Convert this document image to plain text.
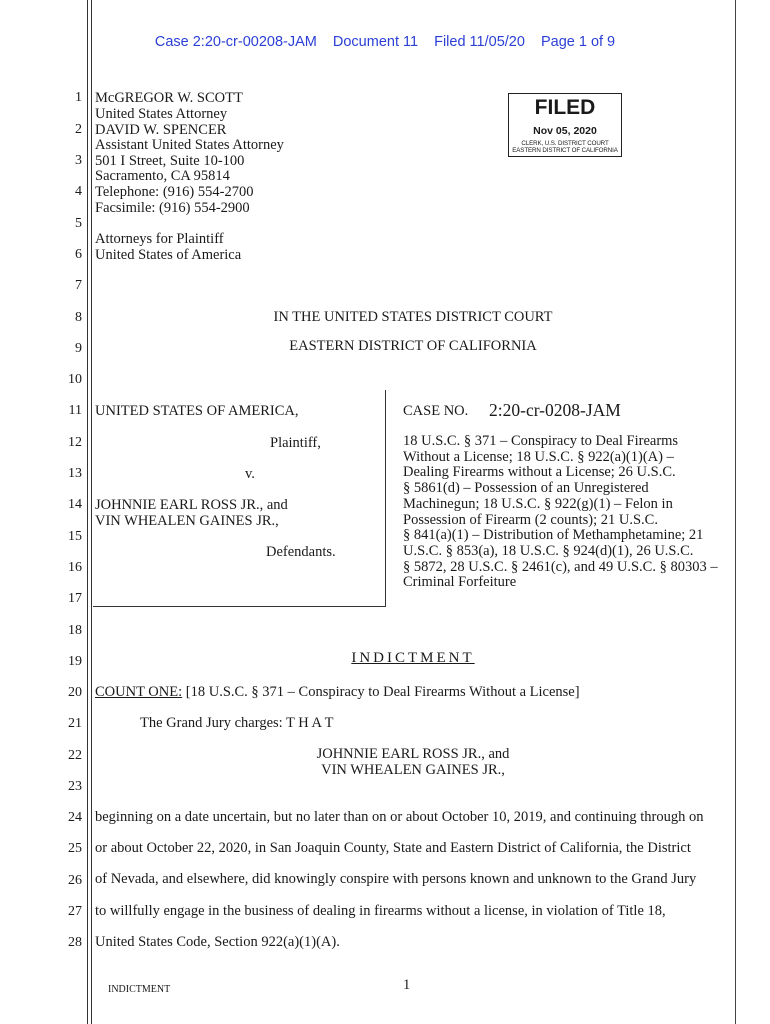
Case 2:20-cr-00208-JAM Document 11 Filed 11/05/20 Page 1 of 9
1
2
3
4
5
6
7
8
9
10
11
12
13
14
15
16
17
18
19
20
21
22
23
24
25
26
27
28
McGREGOR W. SCOTT
United States Attorney
DAVID W. SPENCER
Assistant United States Attorney
501 I Street, Suite 10-100
Sacramento, CA 95814
Telephone: (916) 554-2700
Facsimile: (916) 554-2900
Attorneys for Plaintiff
United States of America
FILED
Nov 05, 2020
CLERK, U.S. DISTRICT COURT
EASTERN DISTRICT OF CALIFORNIA
IN THE UNITED STATES DISTRICT COURT
EASTERN DISTRICT OF CALIFORNIA
UNITED STATES OF AMERICA,
Plaintiff,
v.
JOHNNIE EARL ROSS JR., and
VIN WHEALEN GAINES JR.,
Defendants.
CASE NO. 2:20-cr-0208-JAM
18 U.S.C. § 371 – Conspiracy to Deal Firearms
Without a License; 18 U.S.C. § 922(a)(1)(A) –
Dealing Firearms without a License; 26 U.S.C.
§ 5861(d) – Possession of an Unregistered
Machinegun; 18 U.S.C. § 922(g)(1) – Felon in
Possession of Firearm (2 counts); 21 U.S.C.
§ 841(a)(1) – Distribution of Methamphetamine; 21
U.S.C. § 853(a), 18 U.S.C. § 924(d)(1), 26 U.S.C.
§ 5872, 28 U.S.C. § 2461(c), and 49 U.S.C. § 80303 –
Criminal Forfeiture
INDICTMENT
COUNT ONE: [18 U.S.C. § 371 – Conspiracy to Deal Firearms Without a License]
The Grand Jury charges: T H A T
JOHNNIE EARL ROSS JR., and
VIN WHEALEN GAINES JR.,
beginning on a date uncertain, but no later than on or about October 10, 2019, and continuing through on
or about October 22, 2020, in San Joaquin County, State and Eastern District of California, the District
of Nevada, and elsewhere, did knowingly conspire with persons known and unknown to the Grand Jury
to willfully engage in the business of dealing in firearms without a license, in violation of Title 18,
United States Code, Section 922(a)(1)(A).
INDICTMENT	1
